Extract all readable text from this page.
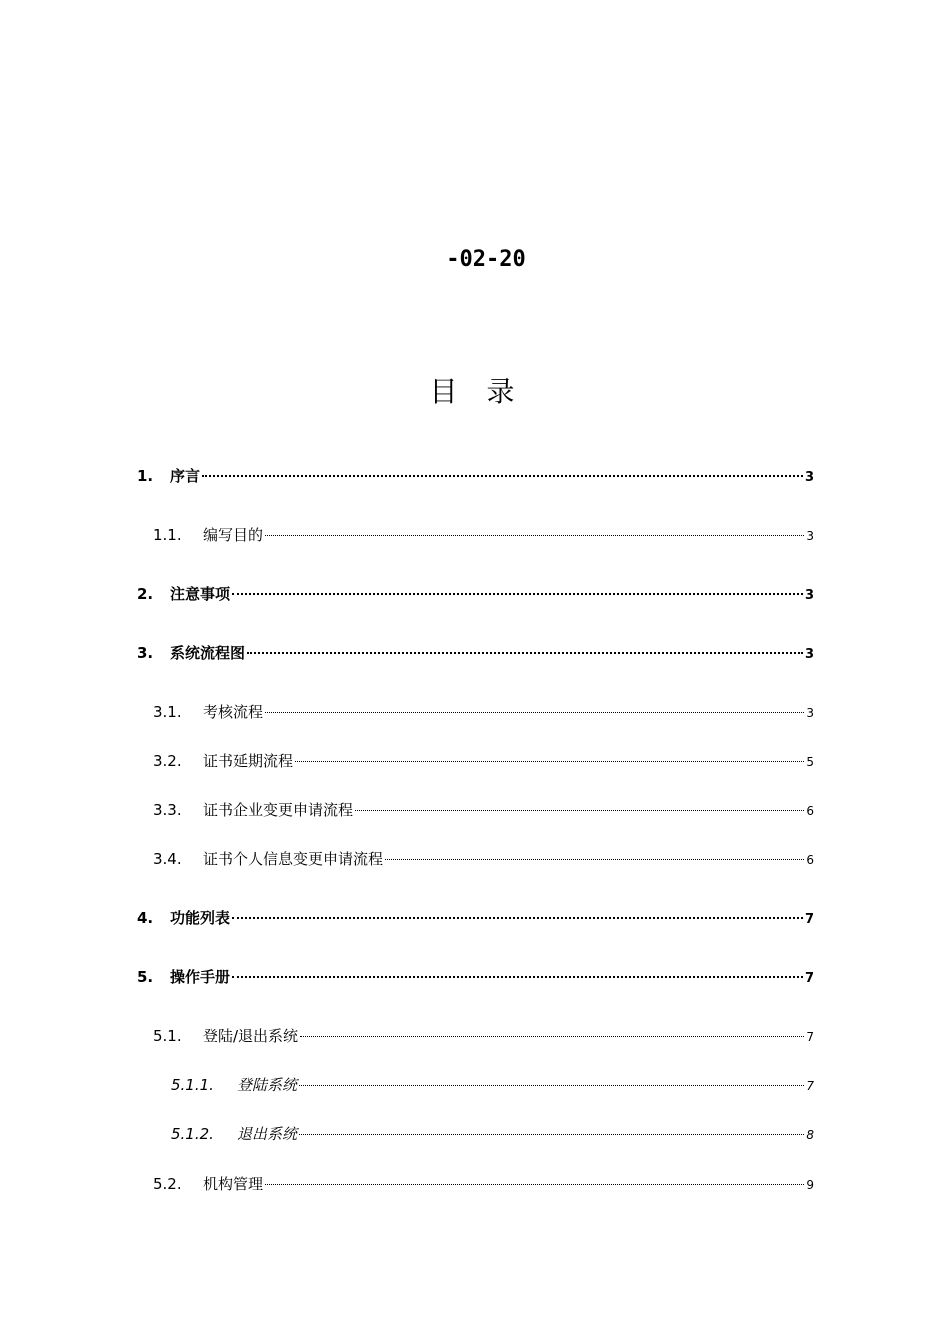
-02-20
目 录
1.	序言	3
1.1.	编写目的	3
2.	注意事项	3
3.	系统流程图	3
3.1.	考核流程	3
3.2.	证书延期流程	5
3.3.	证书企业变更申请流程	6
3.4.	证书个人信息变更申请流程	6
4.	功能列表	7
5.	操作手册	7
5.1.	登陆/退出系统	7
5.1.1.	登陆系统	7
5.1.2.	退出系统	8
5.2.	机构管理	9
